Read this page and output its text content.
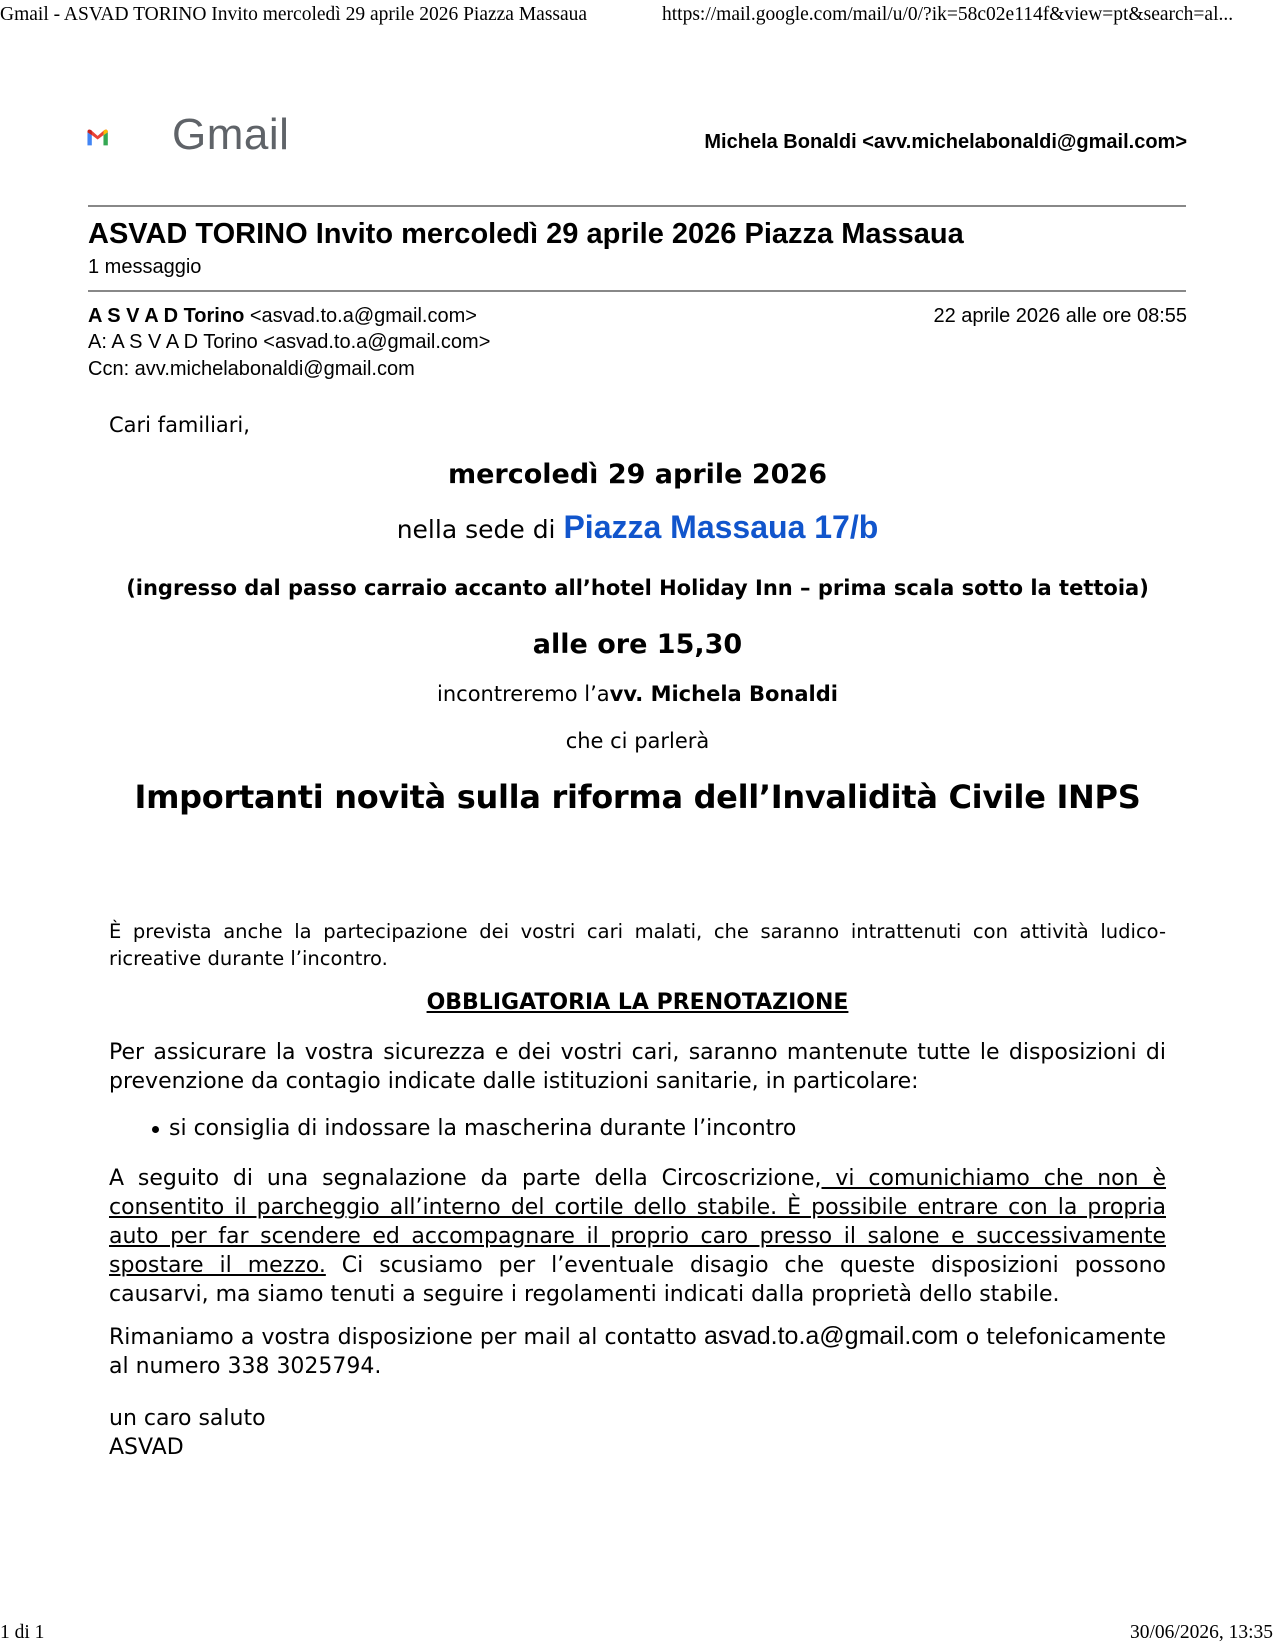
Gmail - ASVAD TORINO Invito mercoledì 29 aprile 2026 Piazza Massaua	https://mail.google.com/mail/u/0/?ik=58c02e114f&view=pt&search=al...
Gmail	Michela Bonaldi <avv.michelabonaldi@gmail.com>
ASVAD TORINO Invito mercoledì 29 aprile 2026 Piazza Massaua
1 messaggio
A S V A D Torino <asvad.to.a@gmail.com>	22 aprile 2026 alle ore 08:55
A: A S V A D Torino <asvad.to.a@gmail.com>
Ccn: avv.michelabonaldi@gmail.com
Cari familiari,
mercoledì 29 aprile 2026
nella sede di Piazza Massaua 17/b
(ingresso dal passo carraio accanto all’hotel Holiday Inn – prima scala sotto la tettoia)
alle ore 15,30
incontreremo l’avv. Michela Bonaldi
che ci parlerà
Importanti novità sulla riforma dell’Invalidità Civile INPS
È prevista anche la partecipazione dei vostri cari malati, che saranno intrattenuti con attività ludico-ricreative durante l’incontro.
OBBLIGATORIA LA PRENOTAZIONE
Per assicurare la vostra sicurezza e dei vostri cari, saranno mantenute tutte le disposizioni di prevenzione da contagio indicate dalle istituzioni sanitarie, in particolare:
si consiglia di indossare la mascherina durante l’incontro
A seguito di una segnalazione da parte della Circoscrizione, vi comunichiamo che non è consentito il parcheggio all’interno del cortile dello stabile. È possibile entrare con la propria auto per far scendere ed accompagnare il proprio caro presso il salone e successivamente spostare il mezzo. Ci scusiamo per l’eventuale disagio che queste disposizioni possono causarvi, ma siamo tenuti a seguire i regolamenti indicati dalla proprietà dello stabile.
Rimaniamo a vostra disposizione per mail al contatto asvad.to.a@gmail.com o telefonicamente al numero 338 3025794.
un caro saluto
ASVAD
1 di 1	30/06/2026, 13:35
